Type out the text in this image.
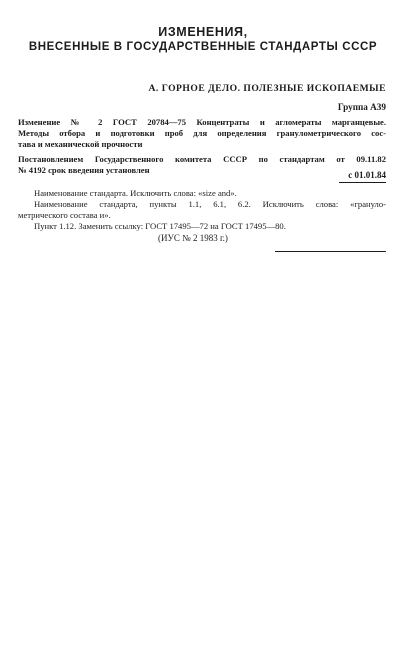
ИЗМЕНЕНИЯ,
ВНЕСЕННЫЕ В ГОСУДАРСТВЕННЫЕ СТАНДАРТЫ СССР
А. ГОРНОЕ ДЕЛО. ПОЛЕЗНЫЕ ИСКОПАЕМЫЕ
Группа А39
Изменение № 2 ГОСТ 20784—75 Концентраты и агломераты марганцевые.
Методы отбора и подготовки проб для определения гранулометрического сос-
тава и механической прочности
Постановлением Государственного комитета СССР по стандартам от 09.11.82
№ 4192 срок введения установлен	с 01.01.84
Наименование стандарта. Исключить слова: «size and».
Наименование стандарта, пункты 1.1, 6.1, 6.2. Исключить слова: «грануло-
метрического состава и».
Пункт 1.12. Заменить ссылку: ГОСТ 17495—72 на ГОСТ 17495—80.
(ИУС № 2 1983 г.)
